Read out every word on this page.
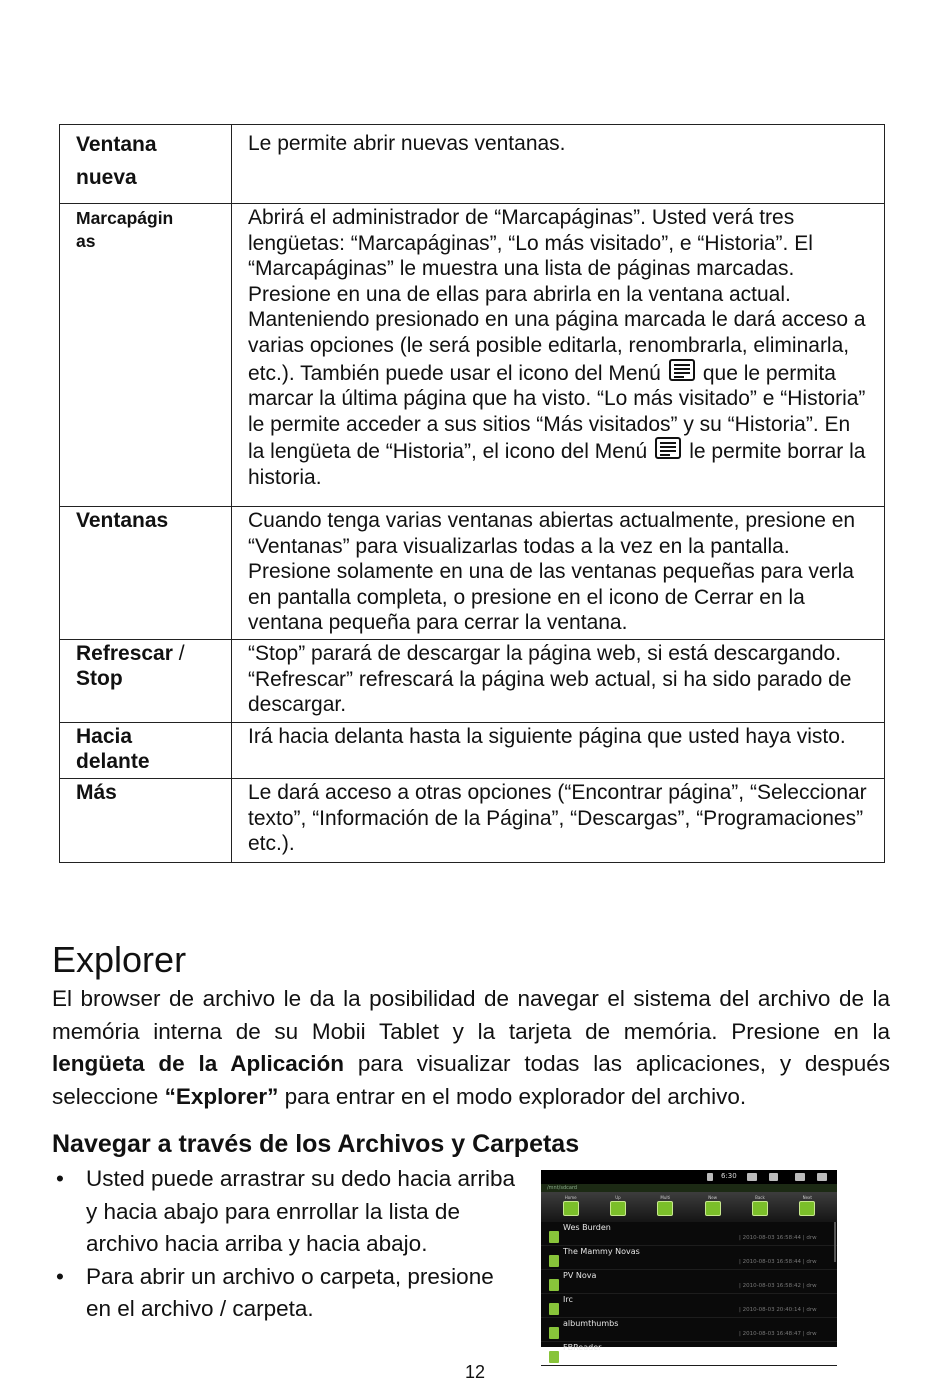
Ventana
nueva	Le permite abrir nuevas ventanas.

Marcapágin
as	Abrirá el administrador de “Marcapáginas”. Usted verá tres lengüetas: “Marcapáginas”, “Lo más visitado”, e “Historia”. El “Marcapáginas” le muestra una lista de páginas marcadas. Presione en una de ellas para abrirla en la ventana actual. Manteniendo presionado en una página marcada le dará acceso a varias opciones (le será posible editarla, renombrarla, eliminarla, etc.). También puede usar el icono del Menú que le permita marcar la última página que ha visto. “Lo más visitado” e “Historia” le permite acceder a sus sitios “Más visitados” y su “Historia”. En la lengüeta de “Historia”, el icono del Menú le permite borrar la historia.
Ventanas	Cuando tenga varias ventanas abiertas actualmente, presione en “Ventanas” para visualizarlas todas a la vez en la pantalla. Presione solamente en una de las ventanas pequeñas para verla en pantalla completa, o presione en el icono de Cerrar en la ventana pequeña para cerrar la ventana.
Refrescar /
Stop	“Stop” parará de descargar la página web, si está descargando.
“Refrescar” refrescará la página web actual, si ha sido parado de descargar.

Hacia
delante	Irá hacia delanta hasta la siguiente página que usted haya visto.
Más	Le dará acceso a otras opciones (“Encontrar página”, “Seleccionar texto”, “Información de la Página”, “Descargas”, “Programaciones” etc.).
Explorer

El browser de archivo le da la posibilidad de navegar el sistema del archivo de la memória interna de su Mobii Tablet y la tarjeta de memória. Presione en la lengüeta de la Aplicación para visualizar todas las aplicaciones, y después seleccione “Explorer” para entrar en el modo explorador del archivo.

Navegar a través de los Archivos y Carpetas
• Usted puede arrastrar su dedo hacia arriba y hacia abajo para enrrollar la lista de archivo hacia arriba y hacia abajo.
• Para abrir un archivo o carpeta, presione en el archivo / carpeta.
6:30
/mnt/sdcard
Home	Up	Multi	New	Back	Next
Wes Burden
| 2010-08-03 16:58:44 | drw
The Mammy Novas
| 2010-08-03 16:58:44 | drw
PV Nova
| 2010-08-03 16:58:42 | drw
Irc
| 2010-08-03 20:40:14 | drw
albumthumbs
| 2010-08-03 16:48:47 | drw
FBReader

12
